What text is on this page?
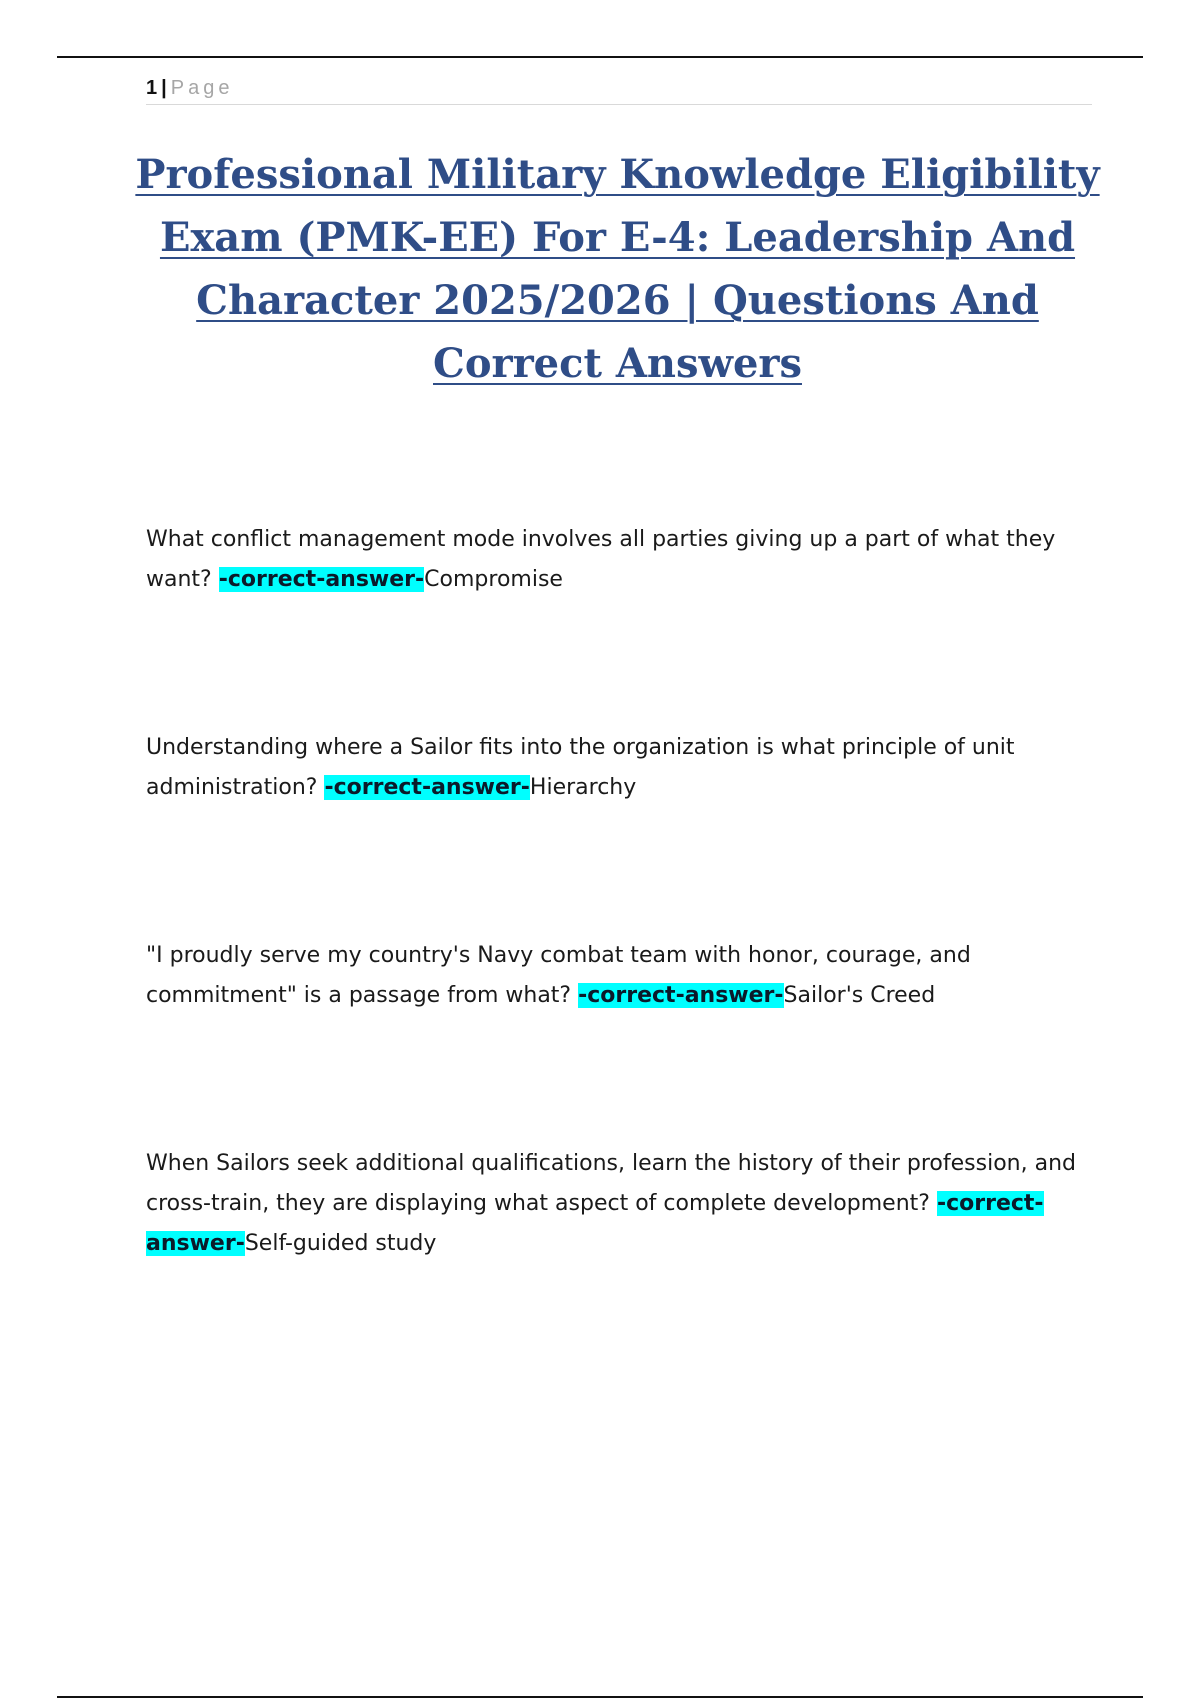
1 | Page
Professional Military Knowledge Eligibility Exam (PMK-EE) For E-4: Leadership And Character 2025/2026 | Questions And Correct Answers

What conflict management mode involves all parties giving up a part of what they want? -correct-answer-Compromise

Understanding where a Sailor fits into the organization is what principle of unit administration? -correct-answer-Hierarchy

"I proudly serve my country's Navy combat team with honor, courage, and commitment" is a passage from what? -correct-answer-Sailor's Creed

When Sailors seek additional qualifications, learn the history of their profession, and cross-train, they are displaying what aspect of complete development? -correct-answer-Self-guided study
